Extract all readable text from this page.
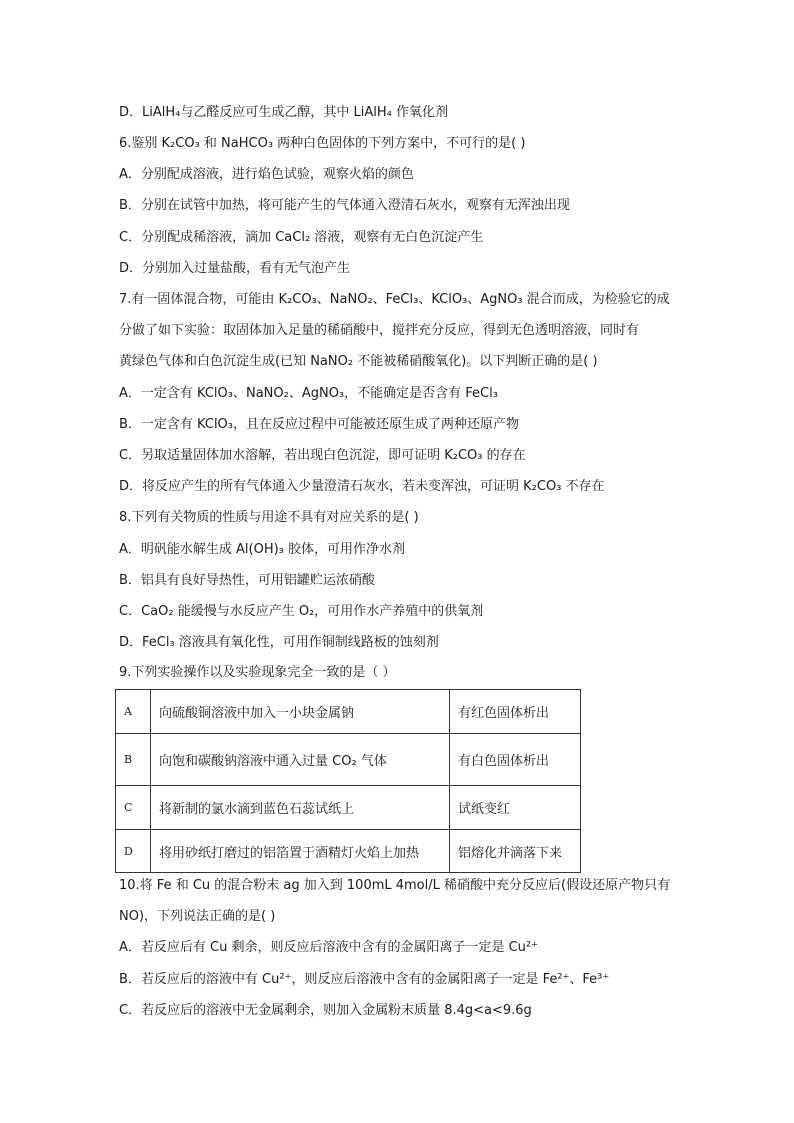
D．LiAlH₄与乙醛反应可生成乙醇，其中 LiAlH₄ 作氧化剂
6.鉴别 K₂CO₃ 和 NaHCO₃ 两种白色固体的下列方案中，不可行的是( )
A．分别配成溶液，进行焰色试验，观察火焰的颜色
B．分别在试管中加热，将可能产生的气体通入澄清石灰水，观察有无浑浊出现
C．分别配成稀溶液，滴加 CaCl₂ 溶液，观察有无白色沉淀产生
D．分别加入过量盐酸，看有无气泡产生
7.有一固体混合物，可能由 K₂CO₃、NaNO₂、FeCl₃、KClO₃、AgNO₃ 混合而成，为检验它的成
分做了如下实验：取固体加入足量的稀硝酸中，搅拌充分反应，得到无色透明溶液，同时有
黄绿色气体和白色沉淀生成(已知 NaNO₂ 不能被稀硝酸氧化)。以下判断正确的是( )
A．一定含有 KClO₃、NaNO₂、AgNO₃，不能确定是否含有 FeCl₃
B．一定含有 KClO₃，且在反应过程中可能被还原生成了两种还原产物
C．另取适量固体加水溶解，若出现白色沉淀，即可证明 K₂CO₃ 的存在
D．将反应产生的所有气体通入少量澄清石灰水，若未变浑浊，可证明 K₂CO₃ 不存在
8.下列有关物质的性质与用途不具有对应关系的是( )
A．明矾能水解生成 Al(OH)₃ 胶体，可用作净水剂
B．铝具有良好导热性，可用铝罐贮运浓硝酸
C．CaO₂ 能缓慢与水反应产生 O₂，可用作水产养殖中的供氧剂
D．FeCl₃ 溶液具有氧化性，可用作铜制线路板的蚀刻剂
9.下列实验操作以及实验现象完全一致的是（ ）
A	向硫酸铜溶液中加入一小块金属钠	有红色固体析出
B	向饱和碳酸钠溶液中通入过量 CO₂ 气体	有白色固体析出
C	将新制的氯水滴到蓝色石蕊试纸上	试纸变红
D	将用砂纸打磨过的铝箔置于酒精灯火焰上加热	铝熔化并滴落下来
10.将 Fe 和 Cu 的混合粉末 ag 加入到 100mL 4mol/L 稀硝酸中充分反应后(假设还原产物只有
NO)，下列说法正确的是( )
A．若反应后有 Cu 剩余，则反应后溶液中含有的金属阳离子一定是 Cu²⁺
B．若反应后的溶液中有 Cu²⁺，则反应后溶液中含有的金属阳离子一定是 Fe²⁺、Fe³⁺
C．若反应后的溶液中无金属剩余，则加入金属粉末质量 8.4g<a<9.6g
